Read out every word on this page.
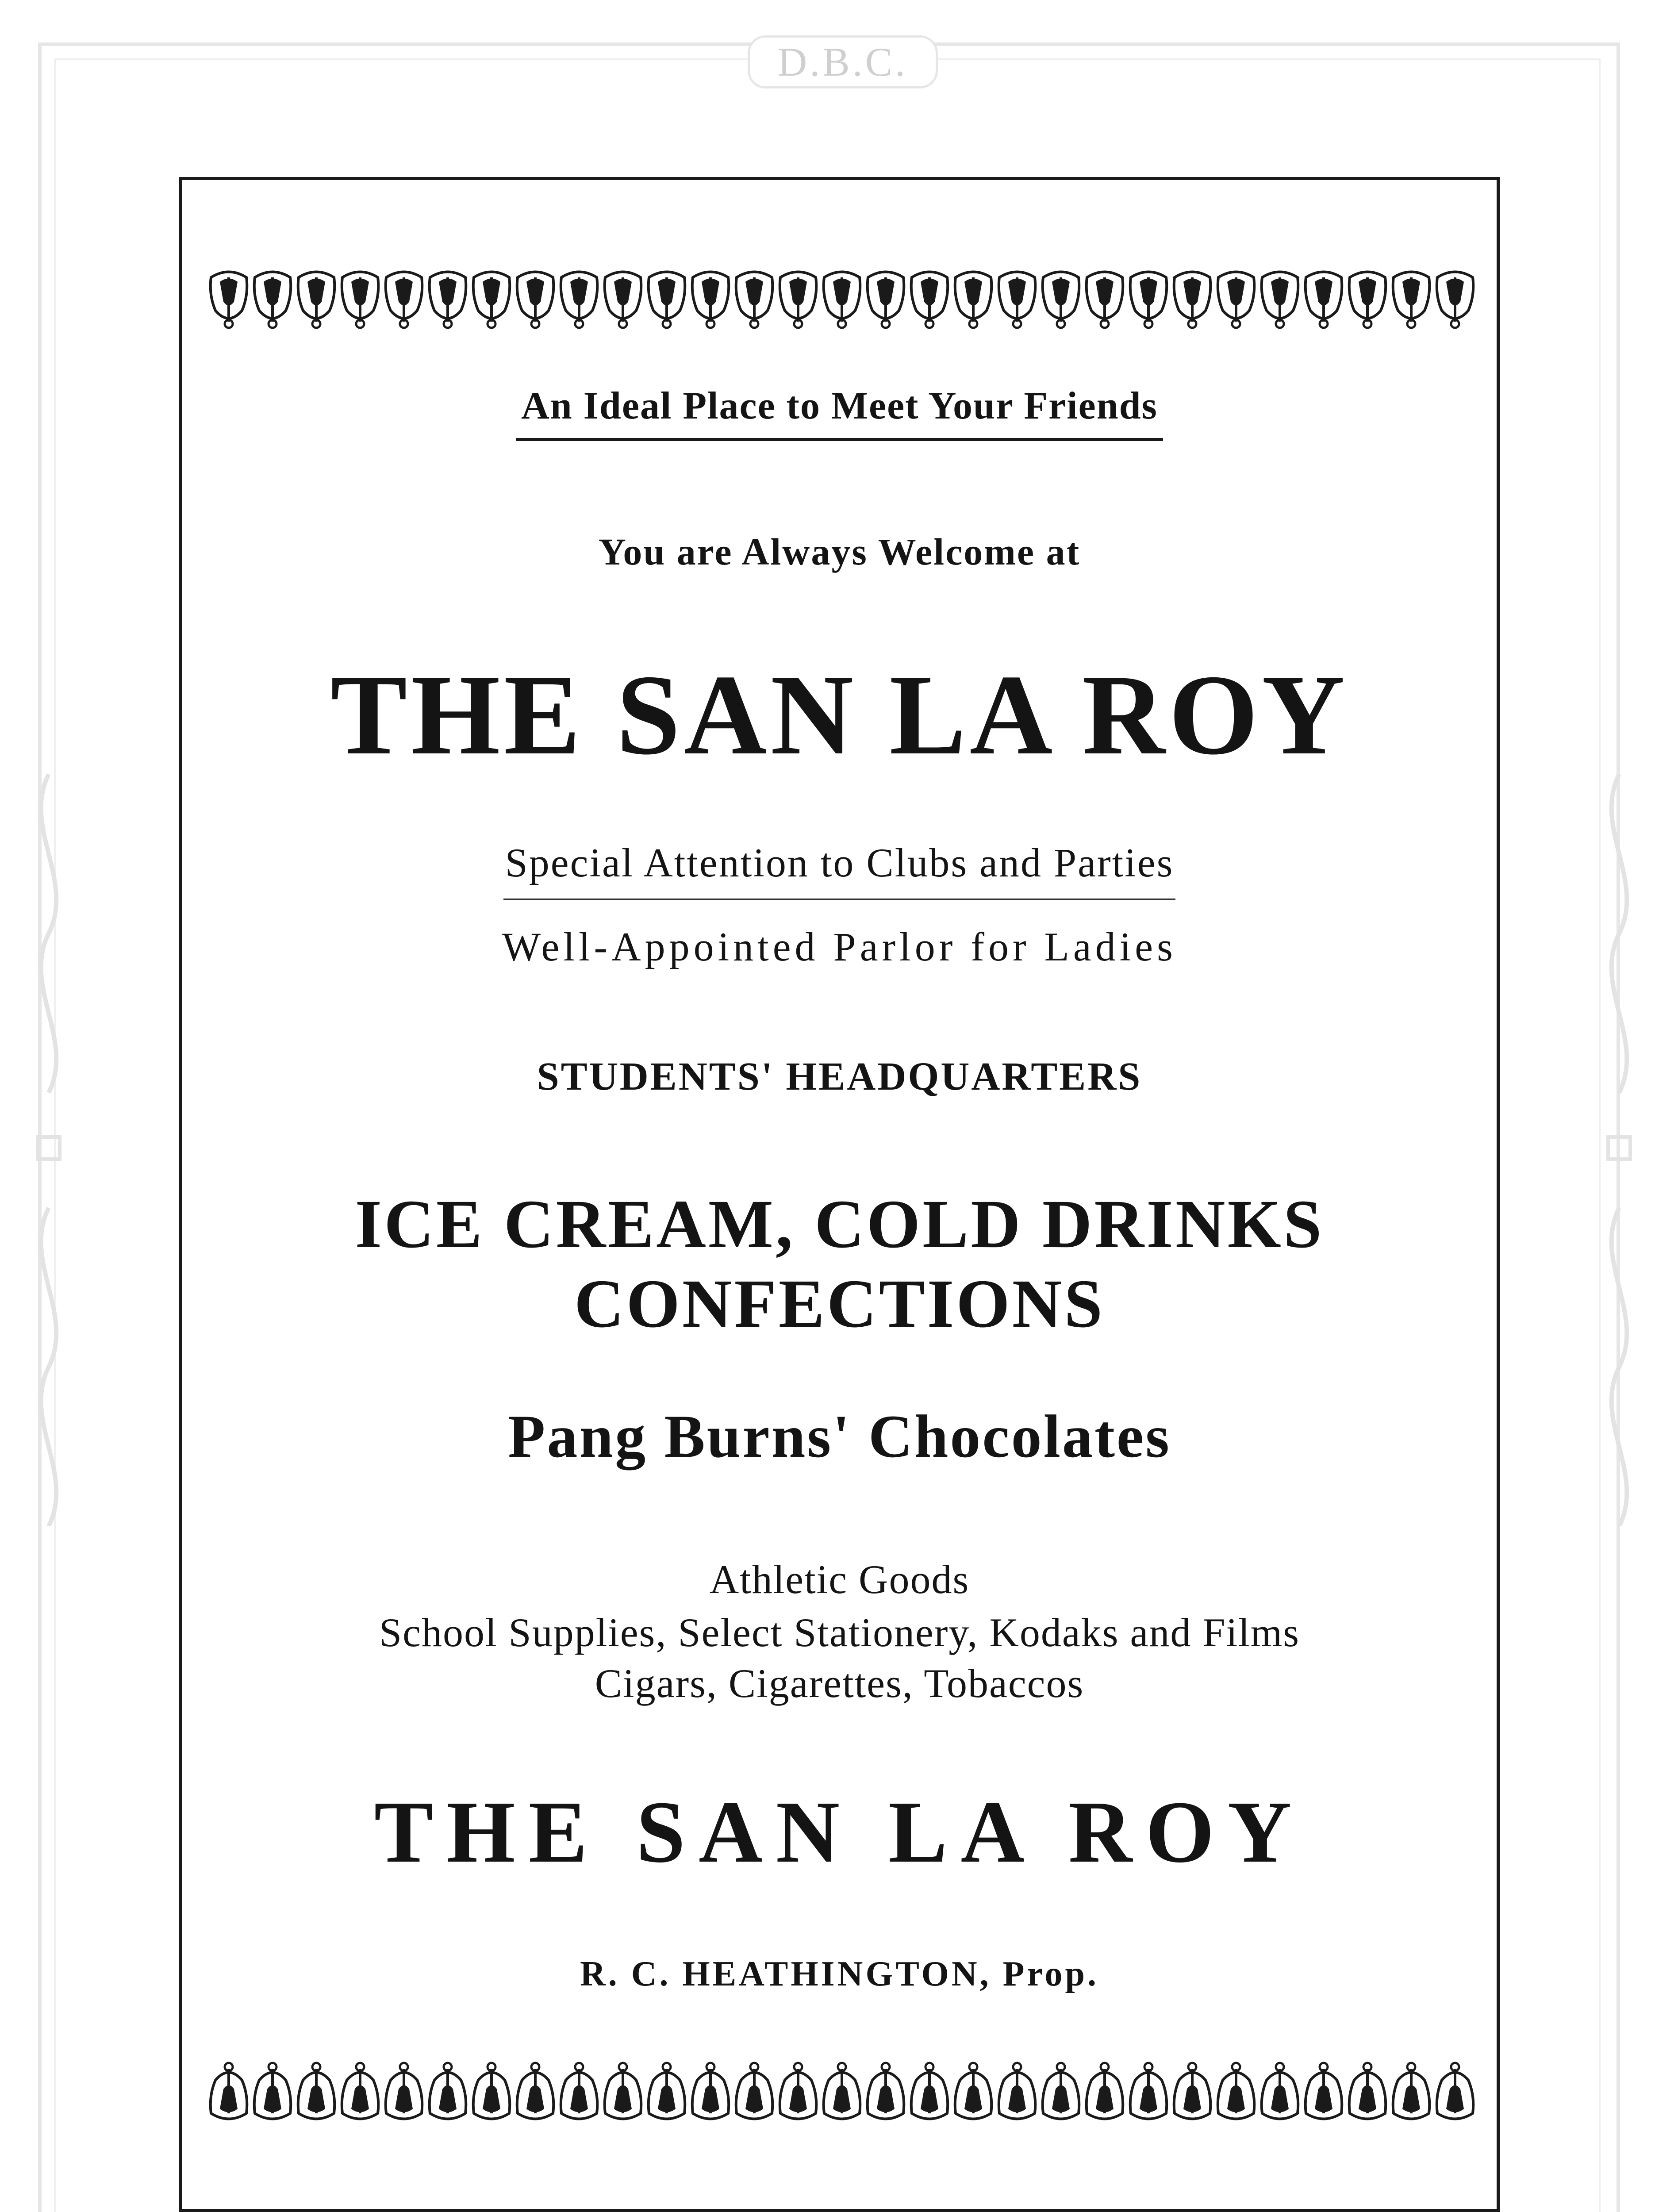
D.B.C.
An Ideal Place to Meet Your Friends
You are Always Welcome at
THE SAN LA ROY
Special Attention to Clubs and Parties
Well-Appointed Parlor for Ladies
STUDENTS' HEADQUARTERS
ICE CREAM, COLD DRINKS
CONFECTIONS
Pang Burns' Chocolates
Athletic Goods
School Supplies, Select Stationery, Kodaks and Films
Cigars, Cigarettes, Tobaccos
THE SAN LA ROY
R. C. HEATHINGTON, Prop.
